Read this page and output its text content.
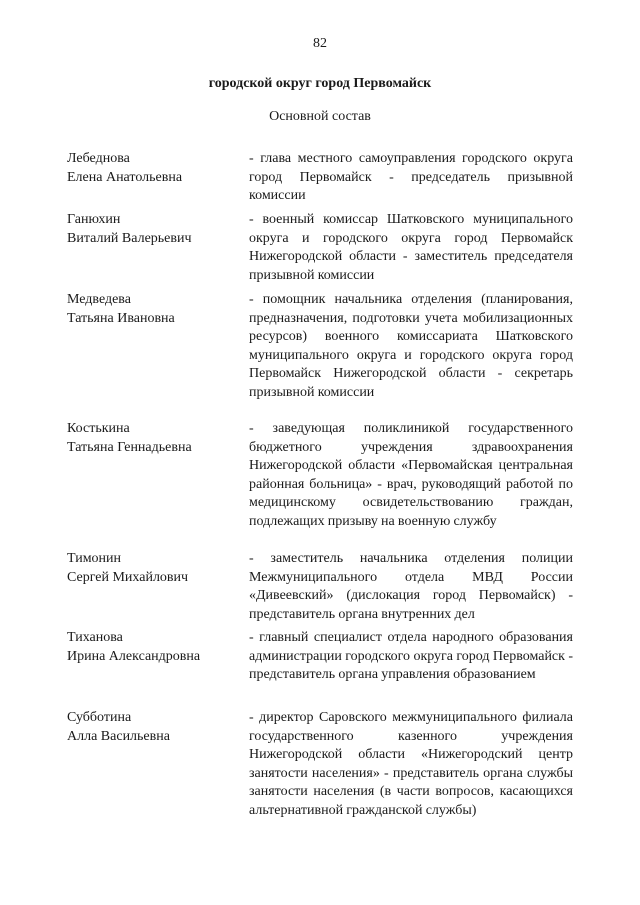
82
городской округ город Первомайск
Основной состав
Лебеднова
Елена Анатольевна
- глава местного самоуправления городского округа город Первомайск - председатель призывной комиссии
Ганюхин
Виталий Валерьевич
- военный комиссар Шатковского муниципального округа и городского округа город Первомайск Нижегородской области - заместитель председателя призывной комиссии
Медведева
Татьяна Ивановна
- помощник начальника отделения (планирования, предназначения, подготовки учета мобилизационных ресурсов) военного комиссариата Шатковского муниципального округа и городского округа город Первомайск Нижегородской области - секретарь призывной комиссии
Костькина
Татьяна Геннадьевна
- заведующая поликлиникой государственного бюджетного учреждения здравоохранения Нижегородской области «Первомайская центральная районная больница» - врач, руководящий работой по медицинскому освидетельствованию граждан, подлежащих призыву на военную службу
Тимонин
Сергей Михайлович
- заместитель начальника отделения полиции Межмуниципального отдела МВД России «Дивеевский» (дислокация город Первомайск) - представитель органа внутренних дел
Тиханова
Ирина Александровна
- главный специалист отдела народного образования администрации городского округа город Первомайск - представитель органа управления образованием
Субботина
Алла Васильевна
- директор Саровского межмуниципального филиала государственного казенного учреждения Нижегородской области «Нижегородский центр занятости населения» - представитель органа службы занятости населения (в части вопросов, касающихся альтернативной гражданской службы)
